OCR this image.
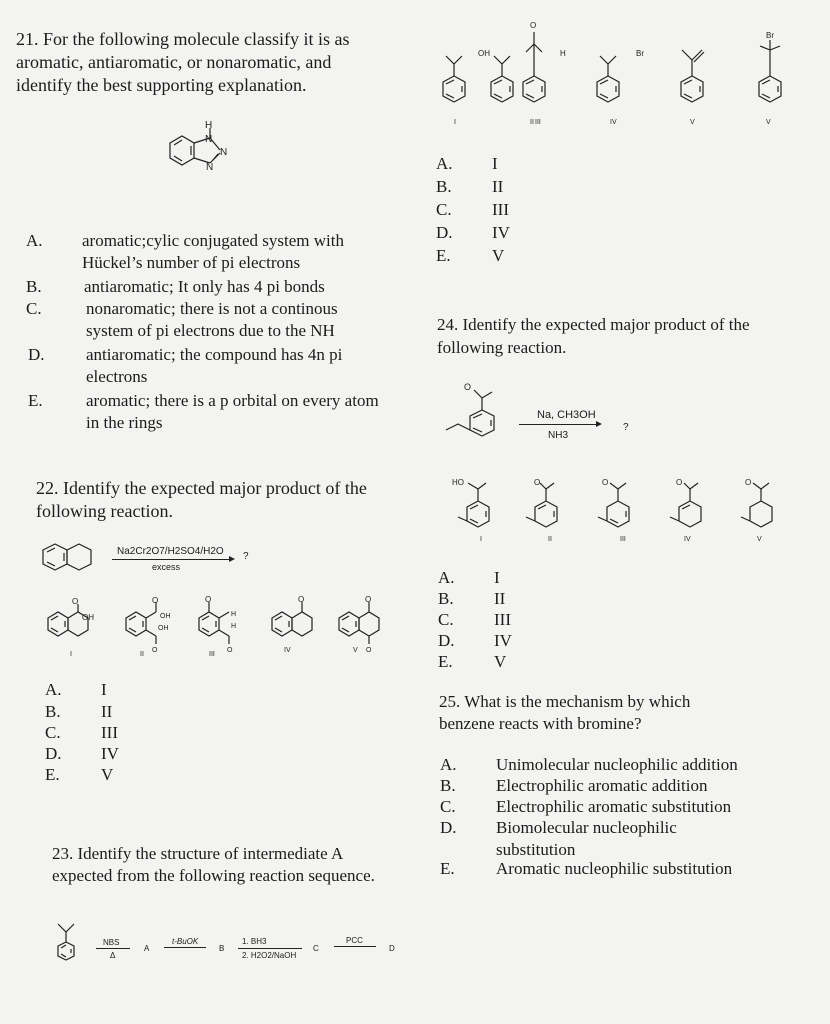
21. For the following molecule classify it is as aromatic, antiaromatic, or nonaromatic, and identify the best supporting explanation.
H
N
N
N
A. aromatic;cylic conjugated system with Hückel’s number of pi electrons
B. antiaromatic; It only has 4 pi bonds
C.	nonaromatic; there is not a continous system of pi electrons due to the NH
D. antiaromatic; the compound has 4n pi electrons
E.	aromatic; there is a p orbital on every atom in the rings
22. Identify the expected major product of the following reaction.
Na2Cr2O7/H2SO4/H2O
excess
?
O
OH
I
O
OH
OH
O
II
O
H
H
O
III
O
IV
O
O
V
A. I
B. II
C. III
D. IV
E. V
23. Identify the structure of intermediate A expected from the following reaction sequence.
NBS
Δ
A
t-BuOK
B
1. BH3
2. H2O2/NaOH
C
PCC
D
I
OH
II
O
H
III
Br
IV	V
Br
V
A. I
B. II
C. III
D. IV
E. V
24. Identify the expected major product of the following reaction.
O
Na, CH3OH
NH3
?
HO
I
O
II
O
III
O
IV
O
V
A. I
B. II
C. III
D. IV
E. V
25. What is the mechanism by which benzene reacts with bromine?
A. Unimolecular nucleophilic addition
B. Electrophilic aromatic addition
C. Electrophilic aromatic substitution
D. Biomolecular nucleophilic substitution
E. Aromatic nucleophilic substitution
